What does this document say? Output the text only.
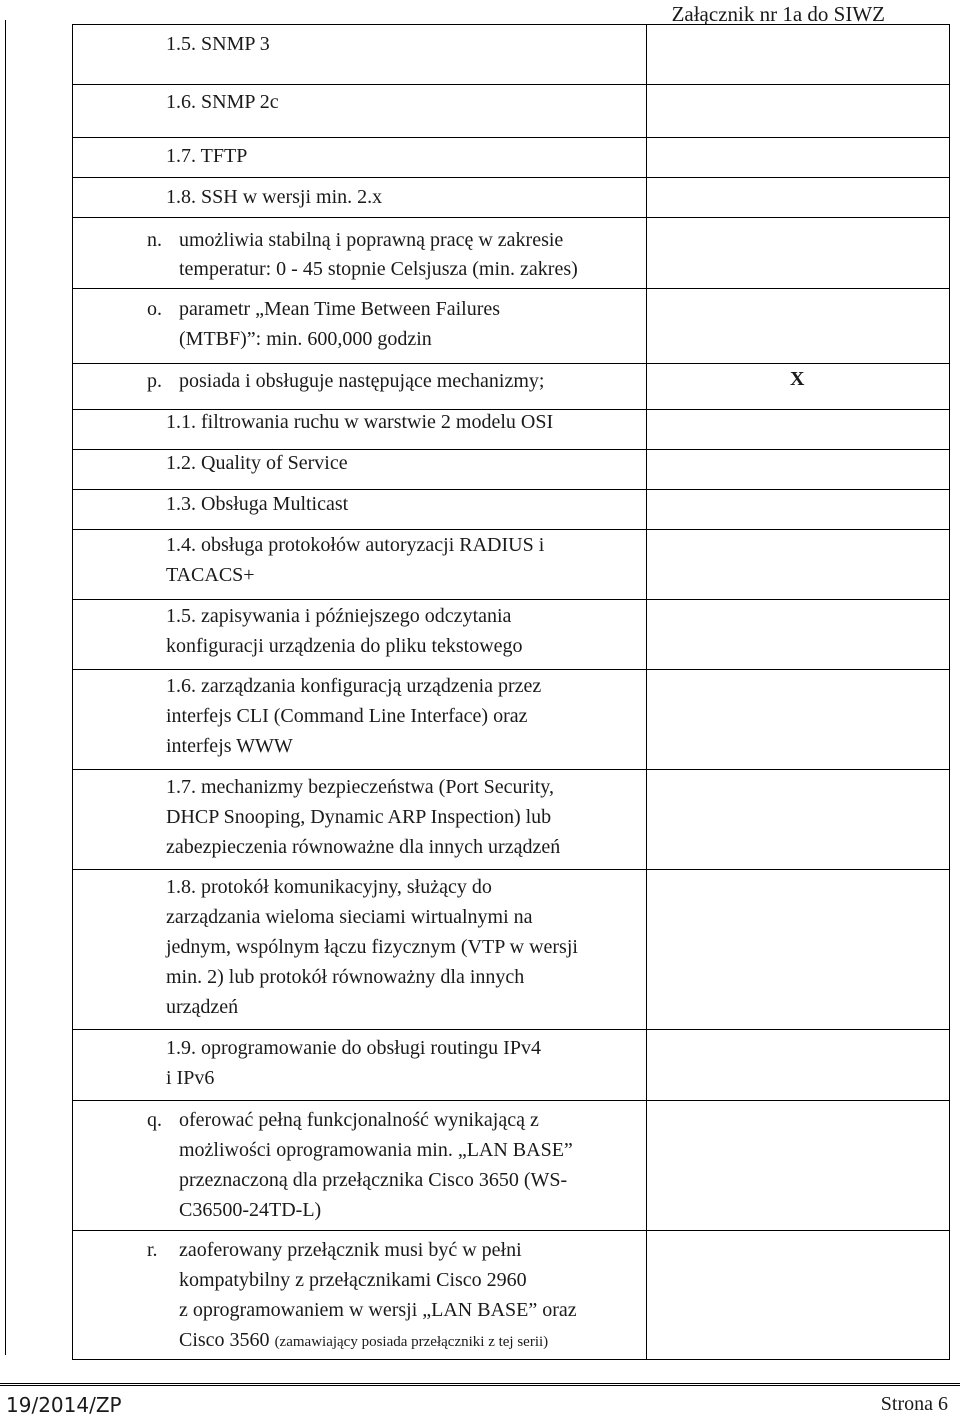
Załącznik nr 1a do SIWZ
1.5. SNMP 3
1.6. SNMP 2c
1.7. TFTP
1.8. SSH w wersji min. 2.x
n. umożliwia stabilną i poprawną pracę w zakresie
temperatur: 0 - 45 stopnie Celsjusza (min. zakres)
o. parametr „Mean Time Between Failures
(MTBF)”: min. 600,000 godzin
p. posiada i obsługuje następujące mechanizmy;	X
1.1. filtrowania ruchu w warstwie 2 modelu OSI
1.2. Quality of Service
1.3. Obsługa Multicast
1.4. obsługa protokołów autoryzacji RADIUS i
TACACS+
1.5. zapisywania i późniejszego odczytania
konfiguracji urządzenia do pliku tekstowego
1.6. zarządzania konfiguracją urządzenia przez
interfejs CLI (Command Line Interface) oraz
interfejs WWW
1.7. mechanizmy bezpieczeństwa (Port Security,
DHCP Snooping, Dynamic ARP Inspection) lub
zabezpieczenia równoważne dla innych urządzeń
1.8. protokół komunikacyjny, służący do
zarządzania wieloma sieciami wirtualnymi na
jednym, wspólnym łączu fizycznym (VTP w wersji
min. 2) lub protokół równoważny dla innych
urządzeń
1.9. oprogramowanie do obsługi routingu IPv4
i IPv6
q. oferować pełną funkcjonalność wynikającą z
możliwości oprogramowania min. „LAN BASE”
przeznaczoną dla przełącznika Cisco 3650 (WS-
C36500-24TD-L)
r. zaoferowany przełącznik musi być w pełni
kompatybilny z przełącznikami Cisco 2960
z oprogramowaniem w wersji „LAN BASE” oraz
Cisco 3560 (zamawiający posiada przełączniki z tej serii)
19/2014/ZP	Strona 6
